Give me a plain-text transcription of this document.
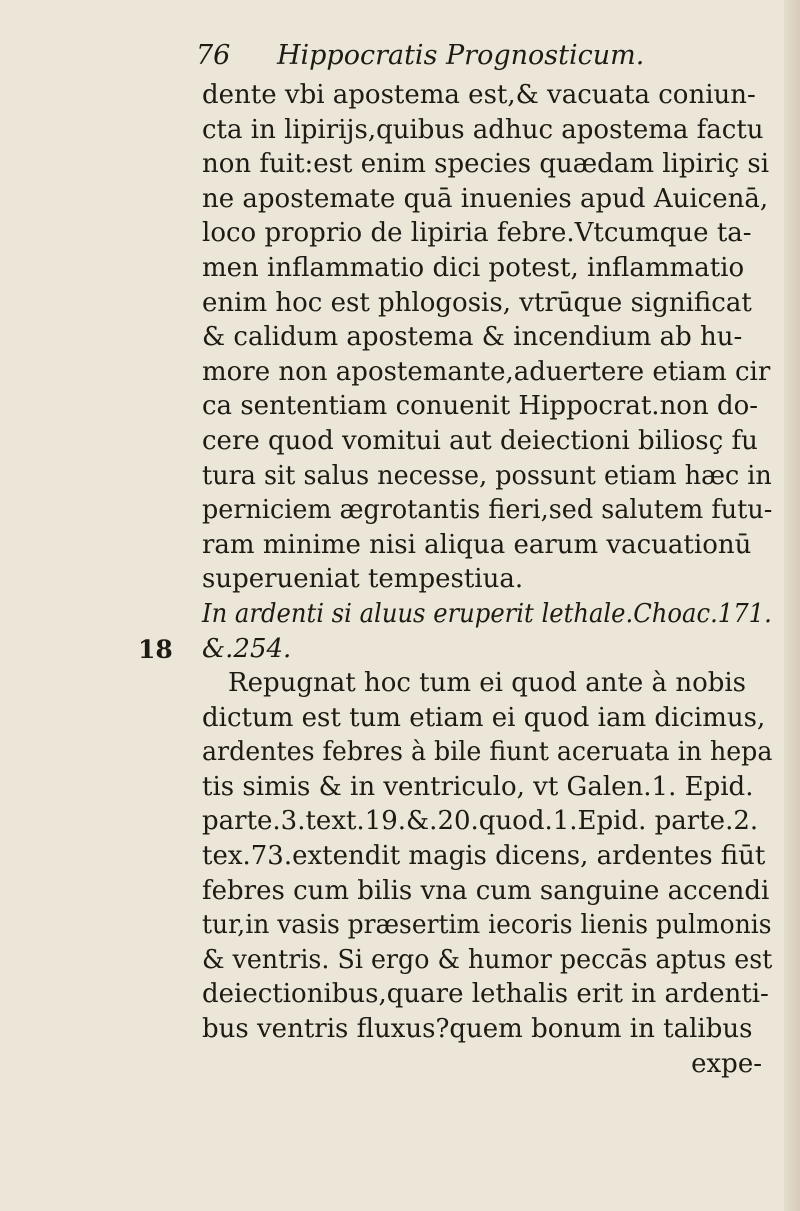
76 Hippocratis Prognosticum.
18
dente vbi apostema est,& vacuata coniun-
cta in lipirijs,quibus adhuc apostema factu
non fuit:est enim species quædam lipiriç si
ne apostemate quā inuenies apud Auicenā,
loco proprio de lipiria febre.Vtcumque ta-
men inflammatio dici potest, inflammatio
enim hoc est phlogosis, vtrūque significat
& calidum apostema & incendium ab hu-
more non apostemante,aduertere etiam cir
ca sententiam conuenit Hippocrat.non do-
cere quod vomitui aut deiectioni biliosç fu
tura sit salus necesse, possunt etiam hæc in
perniciem ægrotantis fieri,sed salutem futu-
ram minime nisi aliqua earum vacuationū
superueniat tempestiua.
In ardenti si aluus eruperit lethale.Choac.171.
&.254.
Repugnat hoc tum ei quod ante à nobis
dictum est tum etiam ei quod iam dicimus,
ardentes febres à bile fiunt aceruata in hepa
tis simis & in ventriculo, vt Galen.1. Epid.
parte.3.text.19.&.20.quod.1.Epid. parte.2.
tex.73.extendit magis dicens, ardentes fiūt
febres cum bilis vna cum sanguine accendi
tur,in vasis præsertim iecoris lienis pulmonis
& ventris. Si ergo & humor peccās aptus est
deiectionibus,quare lethalis erit in ardenti-
bus ventris fluxus?quem bonum in talibus
expe-
